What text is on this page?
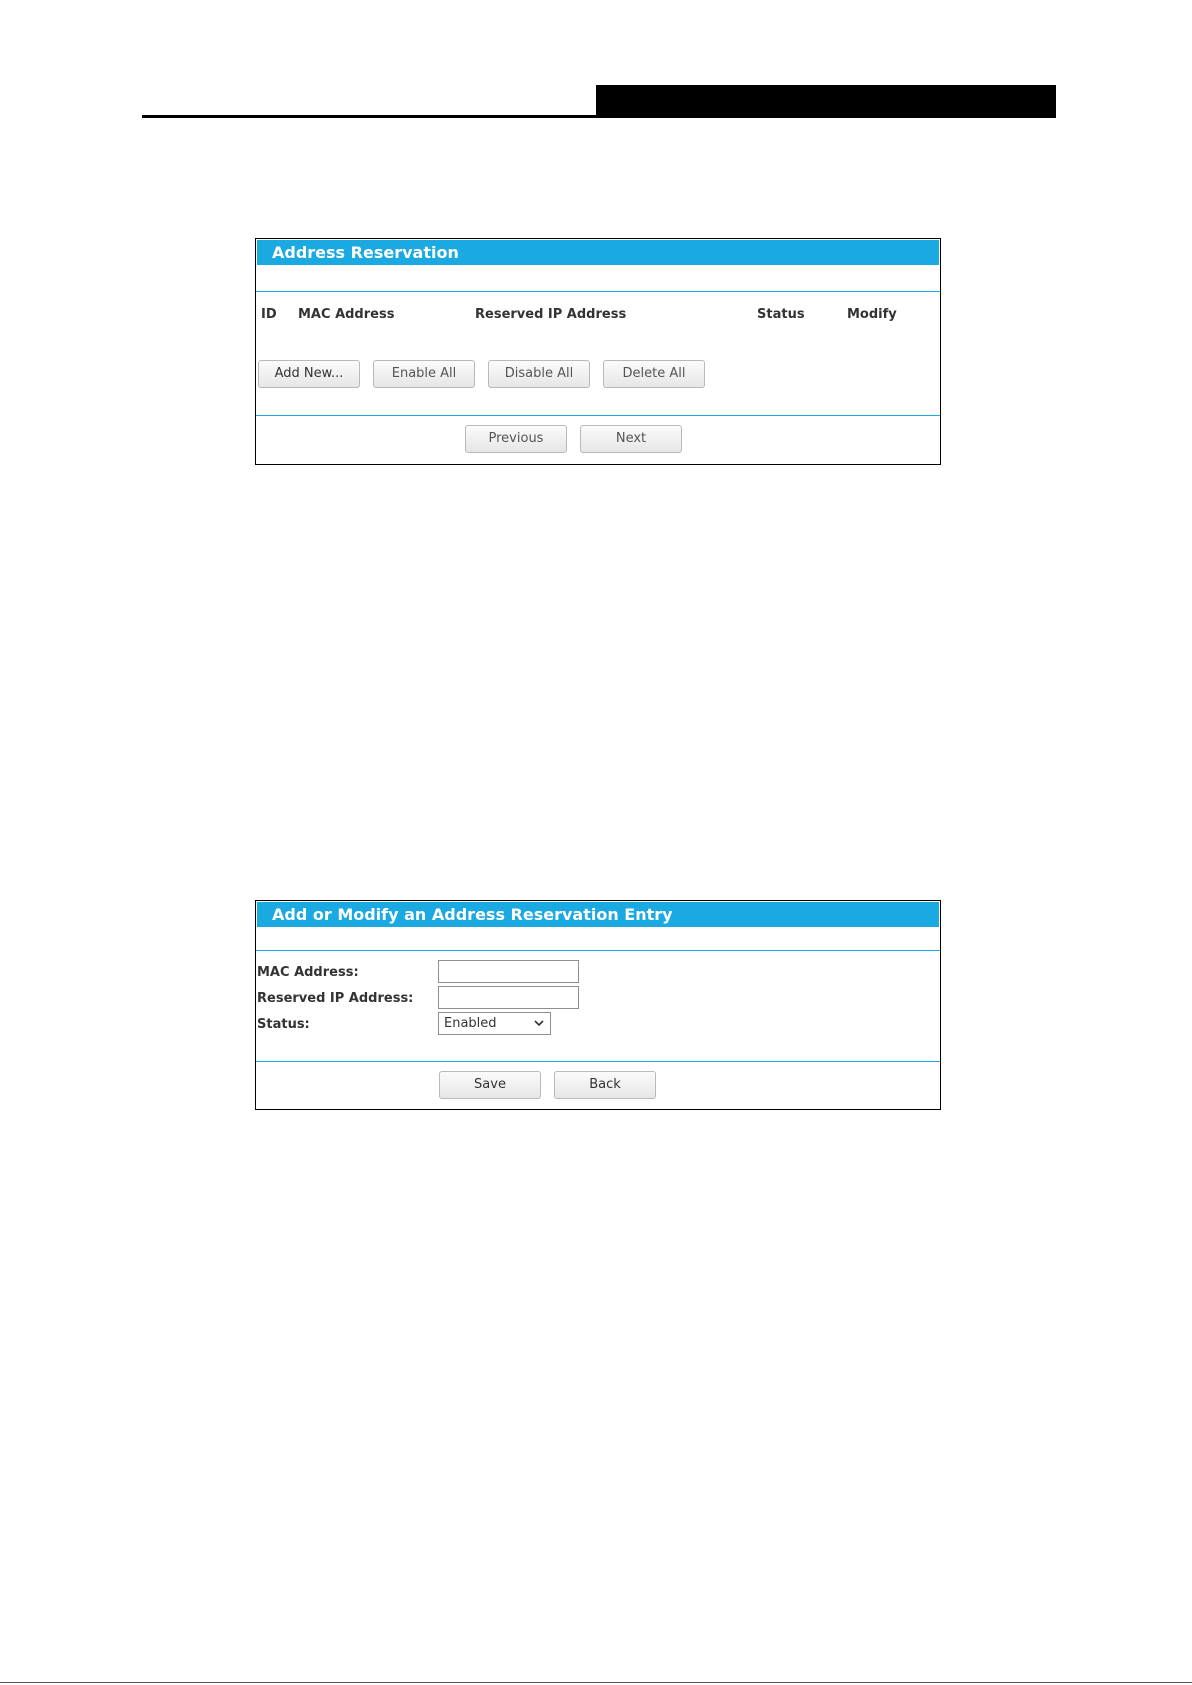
Address Reservation
ID MAC Address	Reserved IP Address	Status	Modify
Add New...	Enable All	Disable All	Delete All
Previous	Next
Add or Modify an Address Reservation Entry
MAC Address:
Reserved IP Address:
Status:	Enabled
Save	Back
